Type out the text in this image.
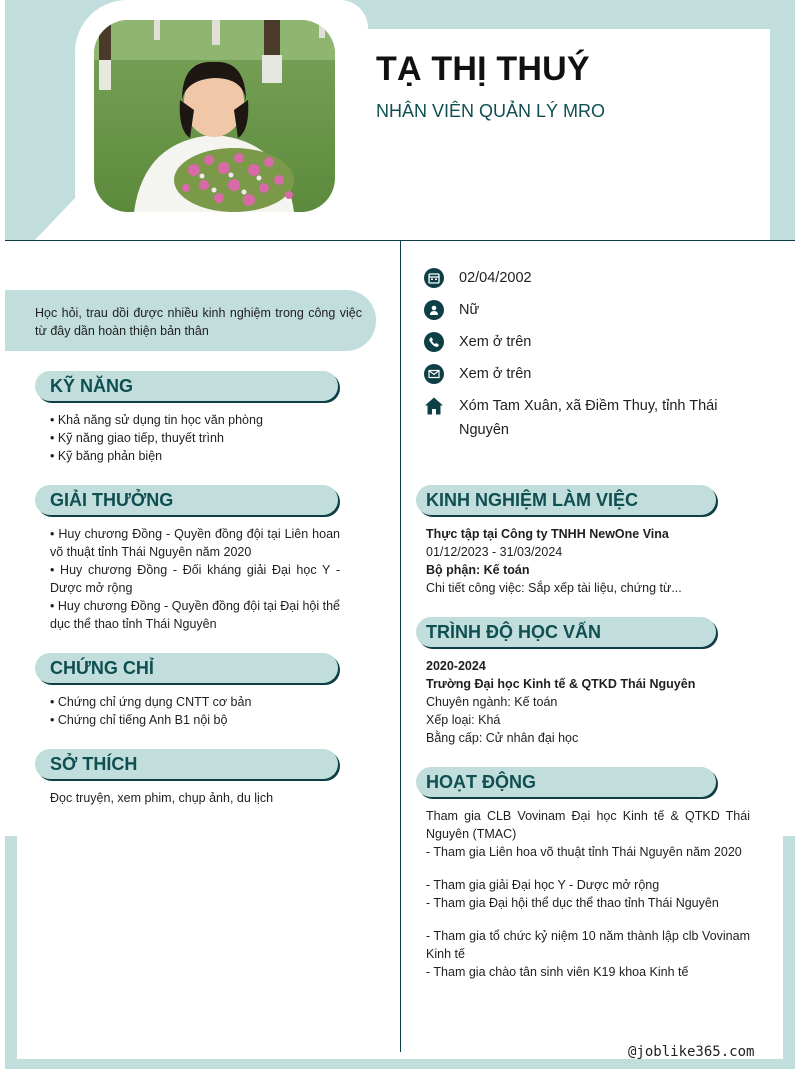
TẠ THỊ THUÝ
NHÂN VIÊN QUẢN LÝ MRO
@joblike365.com
Học hỏi, trau dồi được nhiều kinh nghiệm trong công việc từ đây dần hoàn thiện bản thân
KỸ NĂNG
• Khả năng sử dụng tin học văn phòng
• Kỹ năng giao tiếp, thuyết trình
• Kỹ băng phản biện
GIẢI THƯỞNG
• Huy chương Đồng - Quyền đồng đội tại Liên hoan võ thuật tỉnh Thái Nguyên năm 2020
• Huy chương Đồng - Đối kháng giải Đại học Y - Dược mở rộng
• Huy chương Đồng - Quyền đồng đội tại Đại hội thể dục thể thao tỉnh Thái Nguyên
CHỨNG CHỈ
• Chứng chỉ ứng dụng CNTT cơ bản
• Chứng chỉ tiếng Anh B1 nội bộ
SỞ THÍCH
Đọc truyện, xem phim, chụp ảnh, du lịch
02/04/2002
Nữ
Xem ở trên
Xem ở trên
Xóm Tam Xuân, xã Điềm Thuy, tỉnh Thái Nguyên
KINH NGHIỆM LÀM VIỆC
Thực tập tại Công ty TNHH NewOne Vina
01/12/2023 - 31/03/2024
Bộ phận: Kế toán
Chi tiết công việc: Sắp xếp tài liệu, chứng từ...
TRÌNH ĐỘ HỌC VẤN
2020-2024
Trường Đại học Kinh tế & QTKD Thái Nguyên
Chuyên ngành: Kế toán
Xếp loại: Khá
Bằng cấp: Cử nhân đại học
HOẠT ĐỘNG
Tham gia CLB Vovinam Đại học Kinh tế & QTKD Thái Nguyên (TMAC)
- Tham gia Liên hoa võ thuật tỉnh Thái Nguyên năm 2020
- Tham gia giải Đại học Y - Dược mở rộng
- Tham gia Đại hội thể dục thể thao tỉnh Thái Nguyên
- Tham gia tổ chức kỷ niệm 10 năm thành lập clb Vovinam Kinh tế
- Tham gia chào tân sinh viên K19 khoa Kinh tế
